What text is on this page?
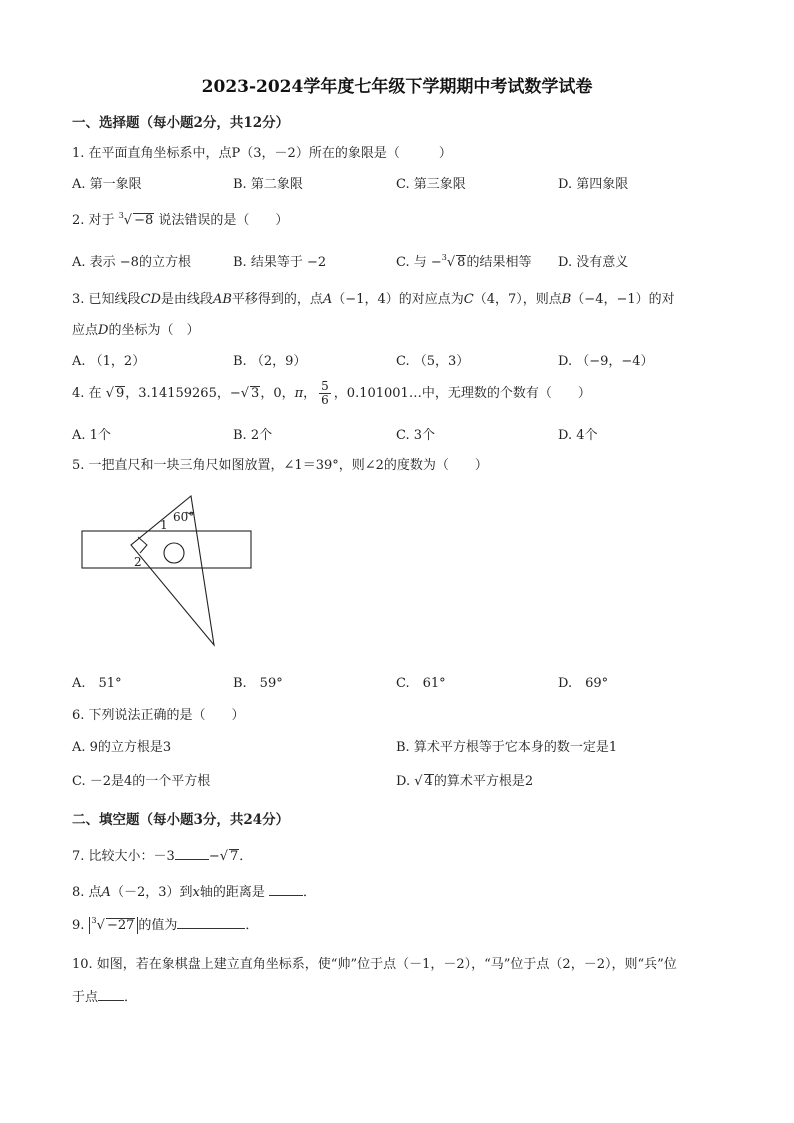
2023-2024学年度七年级下学期期中考试数学试卷
一、选择题（每小题2分，共12分）
1. 在平面直角坐标系中，点P（3，－2）所在的象限是（　　　）
A. 第一象限	B. 第二象限	C. 第三象限	D. 第四象限
2. 对于 $^3$√ −8 说法错误的是（　　）
A. 表示 −8的立方根	B. 结果等于 −2	C. 与 −$^3$√ 8的结果相等 D. 没有意义
3. 已知线段CD是由线段AB平移得到的，点A（−1，4）的对应点为C（4，7），则点B（−4，−1）的对
应点D的坐标为（　）
A. （1，2）	B. （2，9）	C. （5，3）	D. （−9，−4）
4. 在 √ 9，3.14159265，−√ 3，0，π， $\frac{5}{6}$ ，0.101001…中，无理数的个数有（　　）
A. 1个	B. 2个	C. 3个	D. 4个
5. 一把直尺和一块三角尺如图放置，∠1＝39°，则∠2的度数为（　　）
60°
1
2
A.　51°	B.　59°	C.　61°	D.　69°
6. 下列说法正确的是（　　）
A. 9的立方根是3	B. 算术平方根等于它本身的数一定是1
C. －2是4的一个平方根	D. √ 4的算术平方根是2
二、填空题（每小题3分，共24分）
7. 比较大小：－3	−√ 7．
8. 点A（－2，3）到x轴的距离是	．
9. $^3$√ −27 的值为	．
10. 如图，若在象棋盘上建立直角坐标系，使“帅”位于点（－1，－2），“马”位于点（2，－2），则“兵”位
于点 ．
